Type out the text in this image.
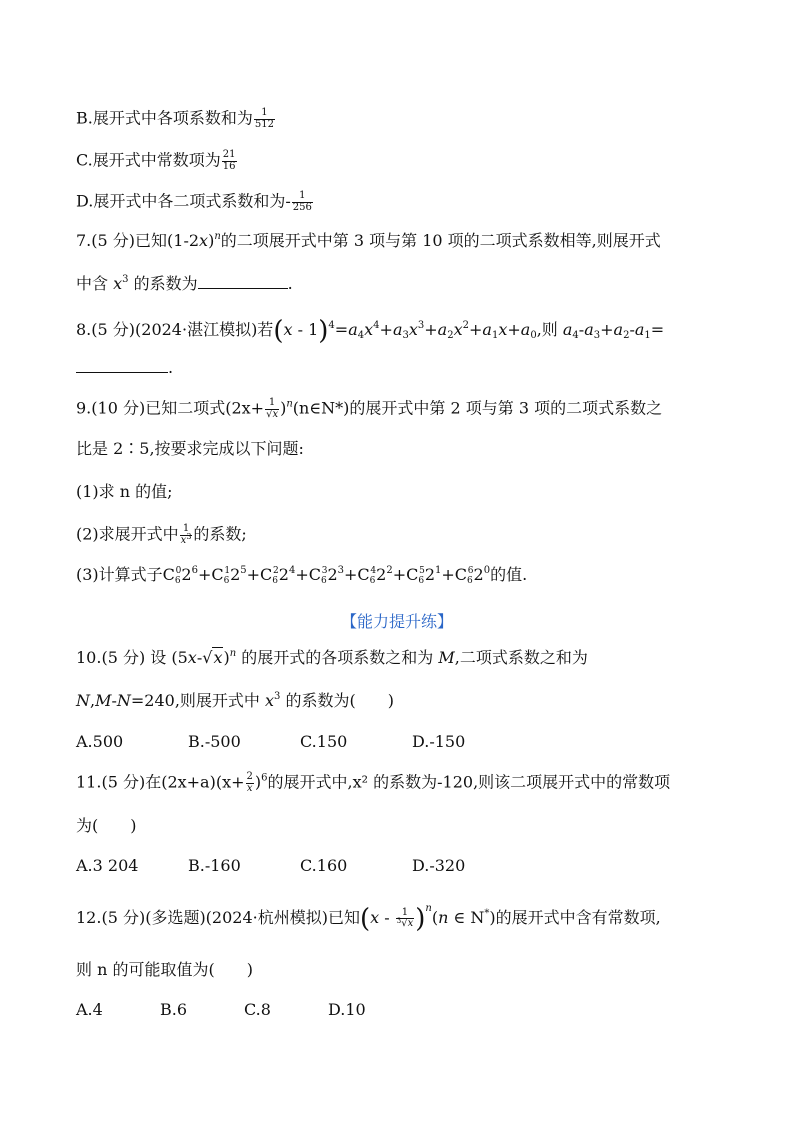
B.展开式中各项系数和为 $\frac{1}{512}$
C.展开式中常数项为 $\frac{21}{16}$
D.展开式中各二项式系数和为- $\frac{1}{256}$
7.(5 分)已知$(1-2x)^n$的二项展开式中第 3 项与第 10 项的二项式系数相等,则展开式
中含 $x^3$ 的系数为	.
8.(5 分)(2024·湛江模拟)若$(x - 1)^4=a_4x^4+a_3x^3+a_2x^2+a_1x+a_0$,则 $a_4-a_3+a_2-a_1=$
.
9.(10 分)已知二项式($2x+ \frac{1}{√x}$ )$^n(n\in N*)$的展开式中第 2 项与第 3 项的二项式系数之
比是 2∶5,按要求完成以下问题:
(1)求 n 的值;
(2)求展开式中 $\frac{1}{x^3}$ 的系数;
(3)计算式子$C_6^02^6+C_6^12^5+C_6^22^4+C_6^32^3+C_6^42^2+C_6^52^1+C_6^62^0$的值.
【能力提升练】
10.(5 分) 设 $(5x-√x)^n$ 的展开式的各项系数之和为 M,二项式系数之和为
N,M-N=240,则展开式中 $x^3$ 的系数为(　　)
A.500	B.-500	C.150	D.-150
11.(5 分)在$(2x+a)(x+ \frac{2}{x} )^6$的展开式中,x² 的系数为-120,则该二项展开式中的常数项
为(　　)
A.3 204	B.-160	C.160	D.-320
12.(5 分)(多选题)(2024·杭州模拟)已知$(x - \frac{1}{^3√x} )^n(n$ ∈ N*)的展开式中含有常数项,
则 n 的可能取值为(　　)
A.4	B.6	C.8	D.10
